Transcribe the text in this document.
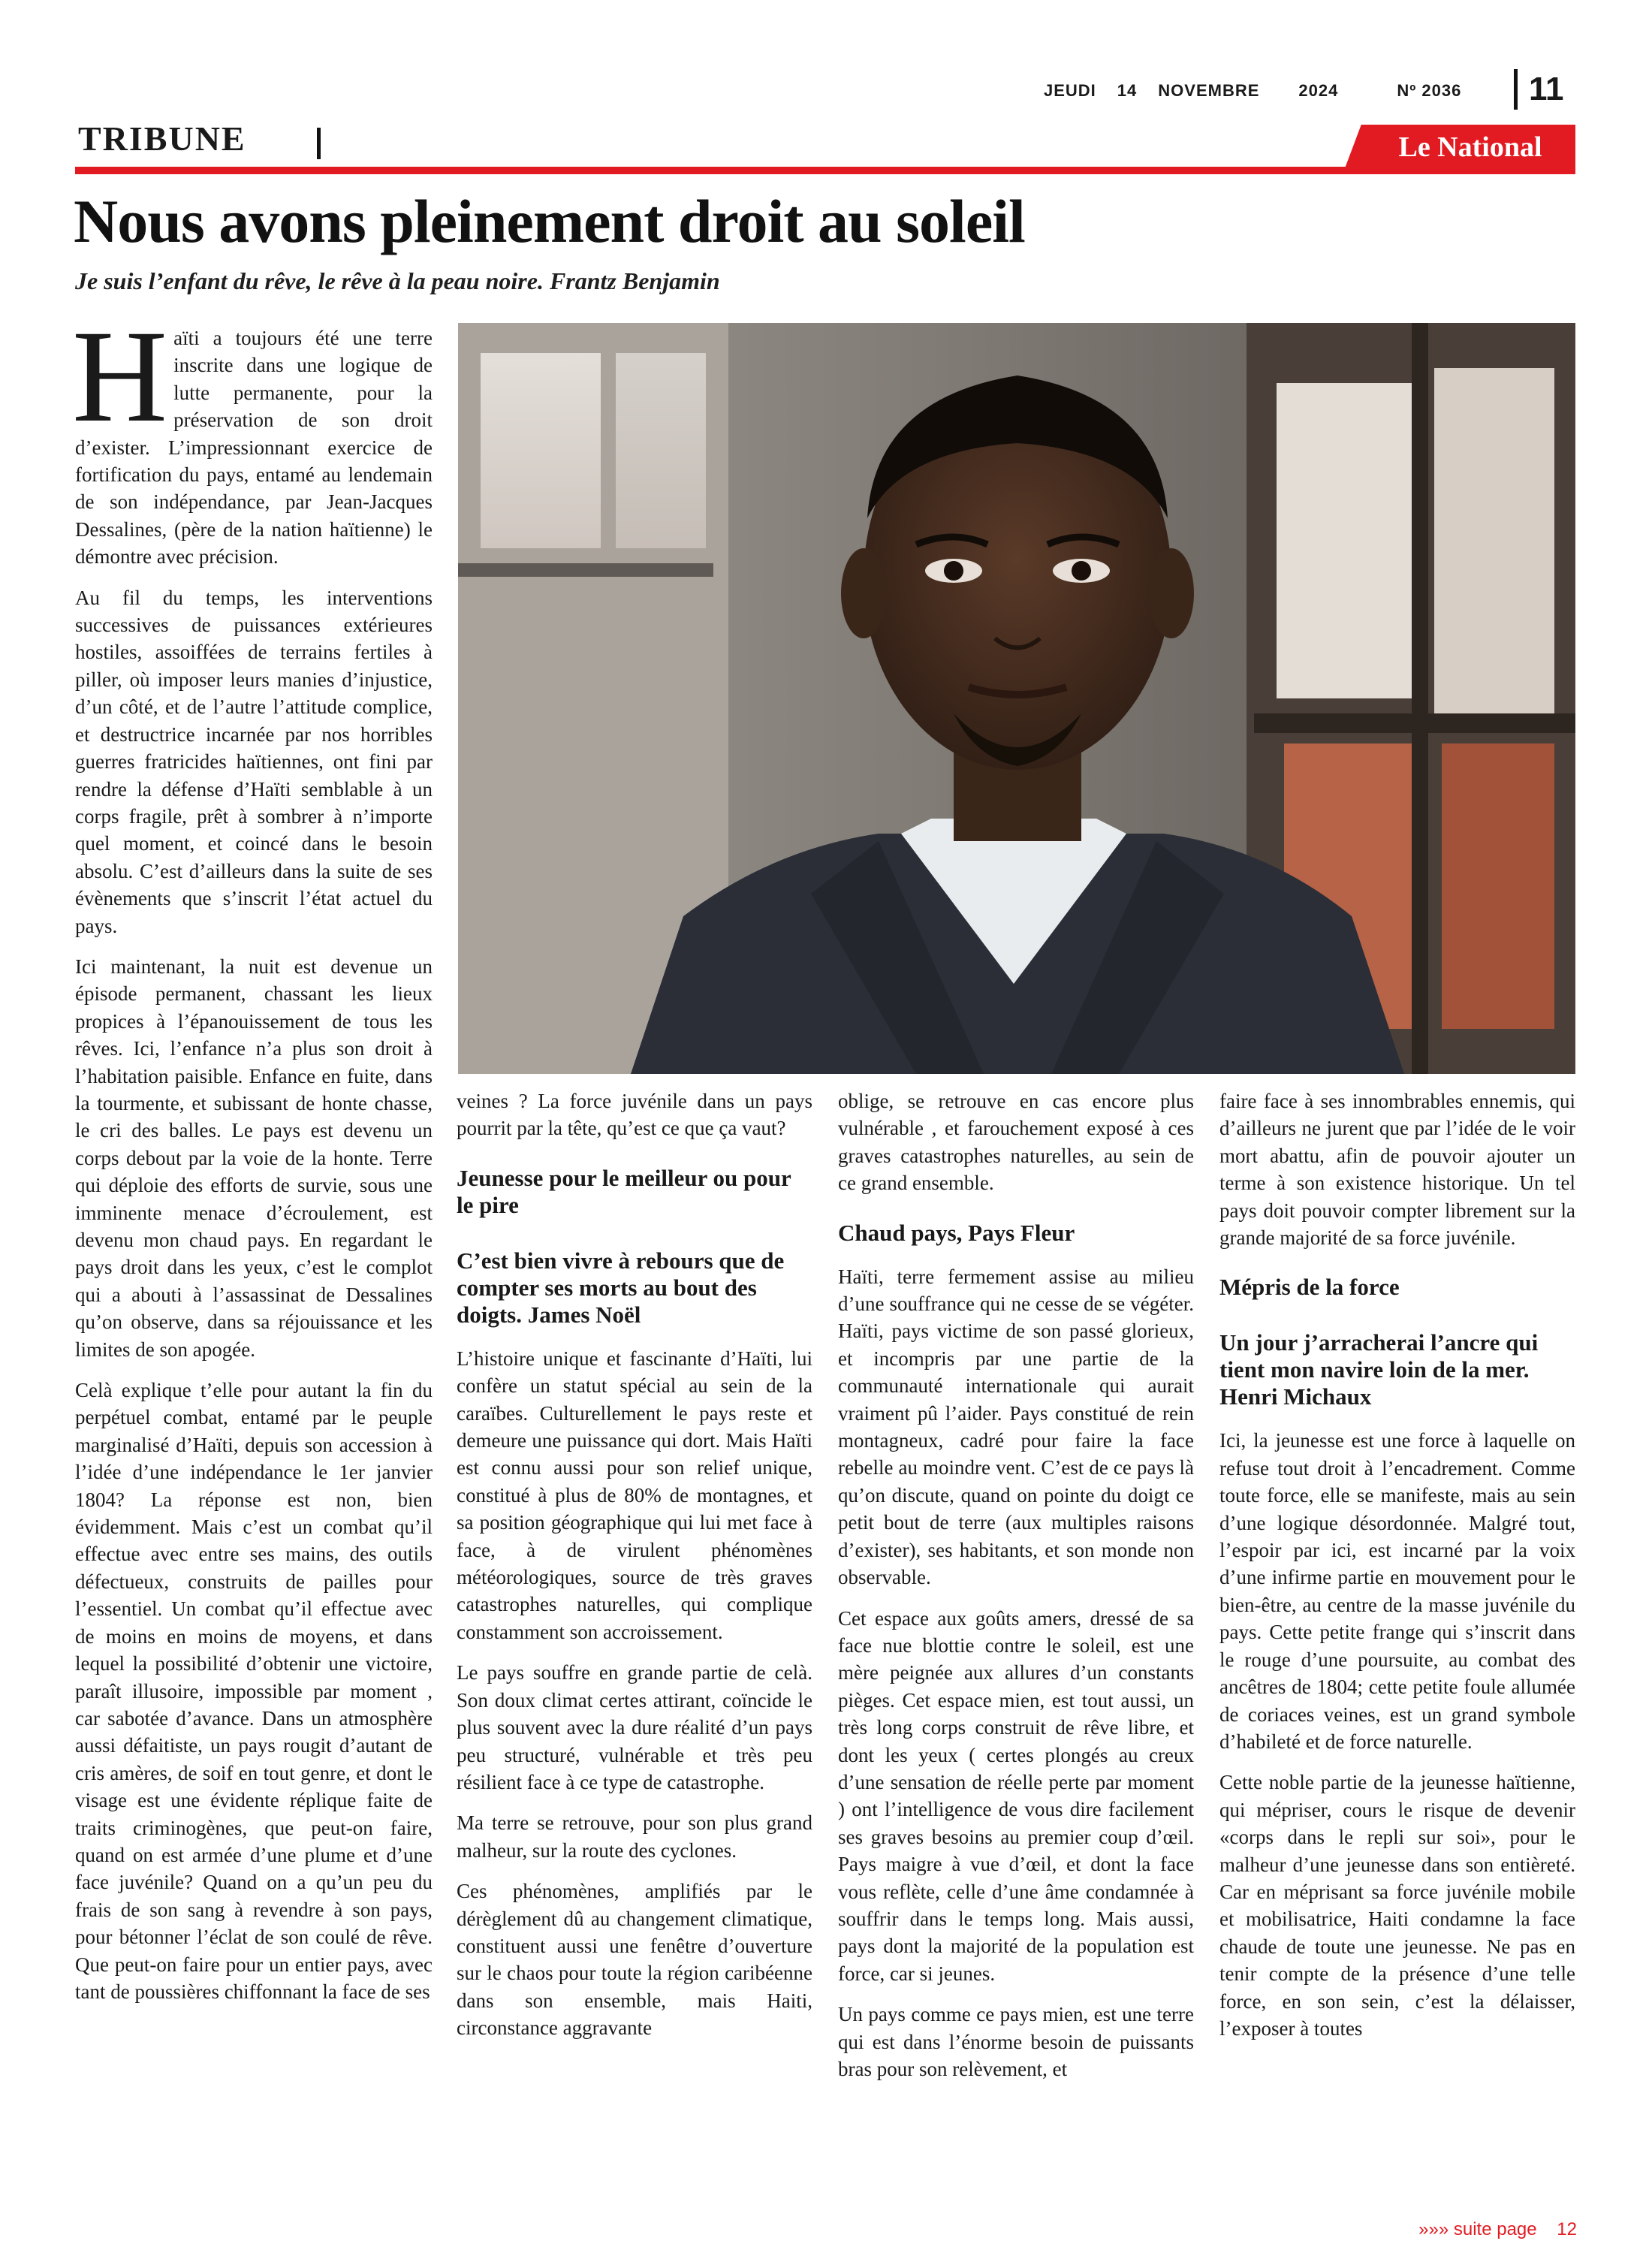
JEUDI 14 NOVEMBRE 2024	Nº 2036 11
TRIBUNE	Le National
Nous avons pleinement droit au soleil
Je suis l’enfant du rêve, le rêve à la peau noire. Frantz Benjamin

Haïti a toujours été une terre inscrite dans une logique de lutte permanente, pour la préservation de son droit d’exister. L’impressionnant exercice de fortification du pays, entamé au lendemain de son indépendance, par Jean-Jacques Dessalines, (père de la nation haïtienne) le démontre avec précision.

Au fil du temps, les interventions successives de puissances extérieures hostiles, assoiffées de terrains fertiles à piller, où imposer leurs manies d’injustice, d’un côté, et de l’autre l’attitude complice, et destructrice incarnée par nos horribles guerres fratricides haïtiennes, ont fini par rendre la défense d’Haïti semblable à un corps fragile, prêt à sombrer à n’importe quel moment, et coincé dans le besoin absolu. C’est d’ailleurs dans la suite de ses évènements que s’inscrit l’état actuel du pays.

Ici maintenant, la nuit est devenue un épisode permanent, chassant les lieux propices à l’épanouissement de tous les rêves. Ici, l’enfance n’a plus son droit à l’habitation paisible. Enfance en fuite, dans la tourmente, et subissant de honte chasse, le cri des balles. Le pays est devenu un corps debout par la voie de la honte. Terre qui déploie des efforts de survie, sous une imminente menace d’écroulement, est devenu mon chaud pays. En regardant le pays droit dans les yeux, c’est le complot qui a abouti à l’assassinat de Dessalines qu’on observe, dans sa réjouissance et les limites de son apogée.

Celà explique t’elle pour autant la fin du perpétuel combat, entamé par le peuple marginalisé d’Haïti, depuis son accession à l’idée d’une indépendance le 1er janvier 1804? La réponse est non, bien évidemment. Mais c’est un combat qu’il effectue avec entre ses mains, des outils défectueux, construits de pailles pour l’essentiel. Un combat qu’il effectue avec de moins en moins de moyens, et dans lequel la possibilité d’obtenir une victoire, paraît illusoire, impossible par moment , car sabotée d’avance. Dans un atmosphère aussi défaitiste, un pays rougit d’autant de cris amères, de soif en tout genre, et dont le visage est une évidente réplique faite de traits criminogènes, que peut-on faire, quand on est armée d’une plume et d’une face juvénile? Quand on a qu’un peu du frais de son sang à revendre à son pays, pour bétonner l’éclat de son coulé de rêve. Que peut-on faire pour un entier pays, avec tant de poussières chiffonnant la face de ses

veines ? La force juvénile dans un pays pourrit par la tête, qu’est ce que ça vaut?

Jeunesse pour le meilleur ou pour le pire
C’est bien vivre à rebours que de compter ses morts au bout des doigts. James Noël

L’histoire unique et fascinante d’Haïti, lui confère un statut spécial au sein de la caraïbes. Culturellement le pays reste et demeure une puissance qui dort. Mais Haïti est connu aussi pour son relief unique, constitué à plus de 80% de montagnes, et sa position géographique qui lui met face à face, à de virulent phénomènes météorologiques, source de très graves catastrophes naturelles, qui complique constamment son accroissement.

Le pays souffre en grande partie de celà. Son doux climat certes attirant, coïncide le plus souvent avec la dure réalité d’un pays peu structuré, vulnérable et très peu résilient face à ce type de catastrophe.

Ma terre se retrouve, pour son plus grand malheur, sur la route des cyclones.

Ces phénomènes, amplifiés par le dérèglement dû au changement climatique, constituent aussi une fenêtre d’ouverture sur le chaos pour toute la région caribéenne dans son ensemble, mais Haiti, circonstance aggravante

oblige, se retrouve en cas encore plus vulnérable , et farouchement exposé à ces graves catastrophes naturelles, au sein de ce grand ensemble.

Chaud pays, Pays Fleur

Haïti, terre fermement assise au milieu d’une souffrance qui ne cesse de se végéter. Haïti, pays victime de son passé glorieux, et incompris par une partie de la communauté internationale qui aurait vraiment pû l’aider. Pays constitué de rein montagneux, cadré pour faire la face rebelle au moindre vent. C’est de ce pays là qu’on discute, quand on pointe du doigt ce petit bout de terre (aux multiples raisons d’exister), ses habitants, et son monde non observable.

Cet espace aux goûts amers, dressé de sa face nue blottie contre le soleil, est une mère peignée aux allures d’un constants pièges. Cet espace mien, est tout aussi, un très long corps construit de rêve libre, et dont les yeux ( certes plongés au creux d’une sensation de réelle perte par moment ) ont l’intelligence de vous dire facilement ses graves besoins au premier coup d’œil. Pays maigre à vue d’œil, et dont la face vous reflète, celle d’une âme condamnée à souffrir dans le temps long. Mais aussi, pays dont la majorité de la population est force, car si jeunes.

Un pays comme ce pays mien, est une terre qui est dans l’énorme besoin de puissants bras pour son relèvement, et

faire face à ses innombrables ennemis, qui d’ailleurs ne jurent que par l’idée de le voir mort abattu, afin de pouvoir ajouter un terme à son existence historique. Un tel pays doit pouvoir compter librement sur la grande majorité de sa force juvénile.

Mépris de la force
Un jour j’arracherai l’ancre qui tient mon navire loin de la mer. Henri Michaux

Ici, la jeunesse est une force à laquelle on refuse tout droit à l’encadrement. Comme toute force, elle se manifeste, mais au sein d’une logique désordonnée. Malgré tout, l’espoir par ici, est incarné par la voix d’une infirme partie en mouvement pour le bien-être, au centre de la masse juvénile du pays. Cette petite frange qui s’inscrit dans le rouge d’une poursuite, au combat des ancêtres de 1804; cette petite foule allumée de coriaces veines, est un grand symbole d’habileté et de force naturelle.

Cette noble partie de la jeunesse haïtienne, qui mépriser, cours le risque de devenir «corps dans le repli sur soi», pour le malheur d’une jeunesse dans son entièreté. Car en méprisant sa force juvénile mobile et mobilisatrice, Haiti condamne la face chaude de toute une jeunesse. Ne pas en tenir compte de la présence d’une telle force, en son sein, c’est la délaisser, l’exposer à toutes

»»» suite page 12
